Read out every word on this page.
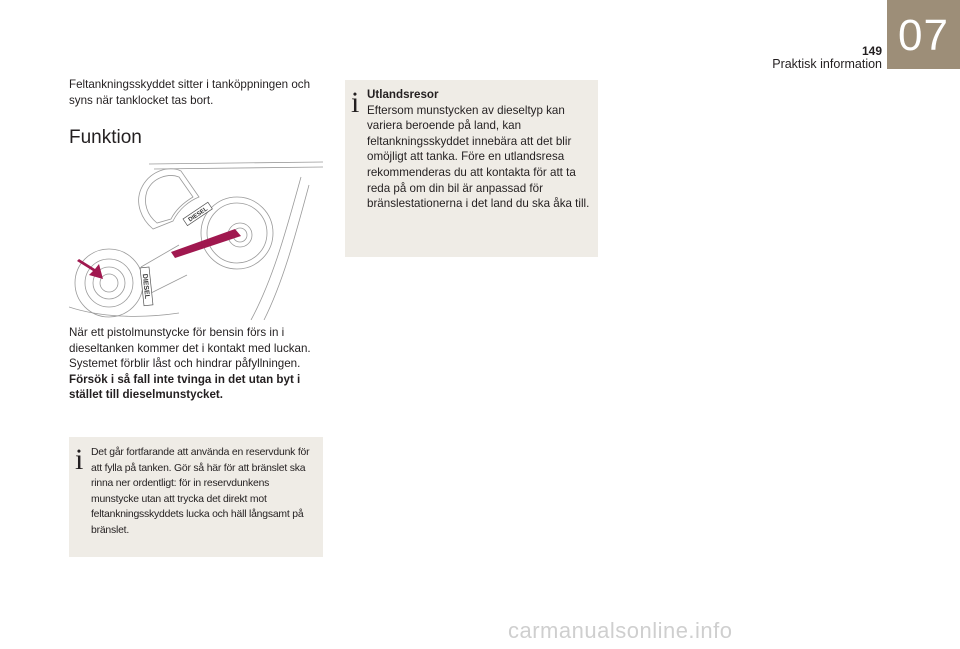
149
Praktisk information
07
Feltankningsskyddet sitter i tanköppningen och syns när tanklocket tas bort.
Funktion
DIESEL
DIESEL
När ett pistolmunstycke för bensin förs in i dieseltanken kommer det i kontakt med luckan. Systemet förblir låst och hindrar påfyllningen.
Försök i så fall inte tvinga in det utan byt i stället till dieselmunstycket.
i Det går fortfarande att använda en reservdunk för att fylla på tanken. Gör så här för att bränslet ska rinna ner ordentligt: för in reservdunkens munstycke utan att trycka det direkt mot feltankningsskyddets lucka och häll långsamt på bränslet.
i Utlandsresor
Eftersom munstycken av dieseltyp kan variera beroende på land, kan feltankningsskyddet innebära att det blir omöjligt att tanka. Före en utlandsresa rekommenderas du att kontakta för att ta reda på om din bil är anpassad för bränslestationerna i det land du ska åka till.
carmanualsonline.info
